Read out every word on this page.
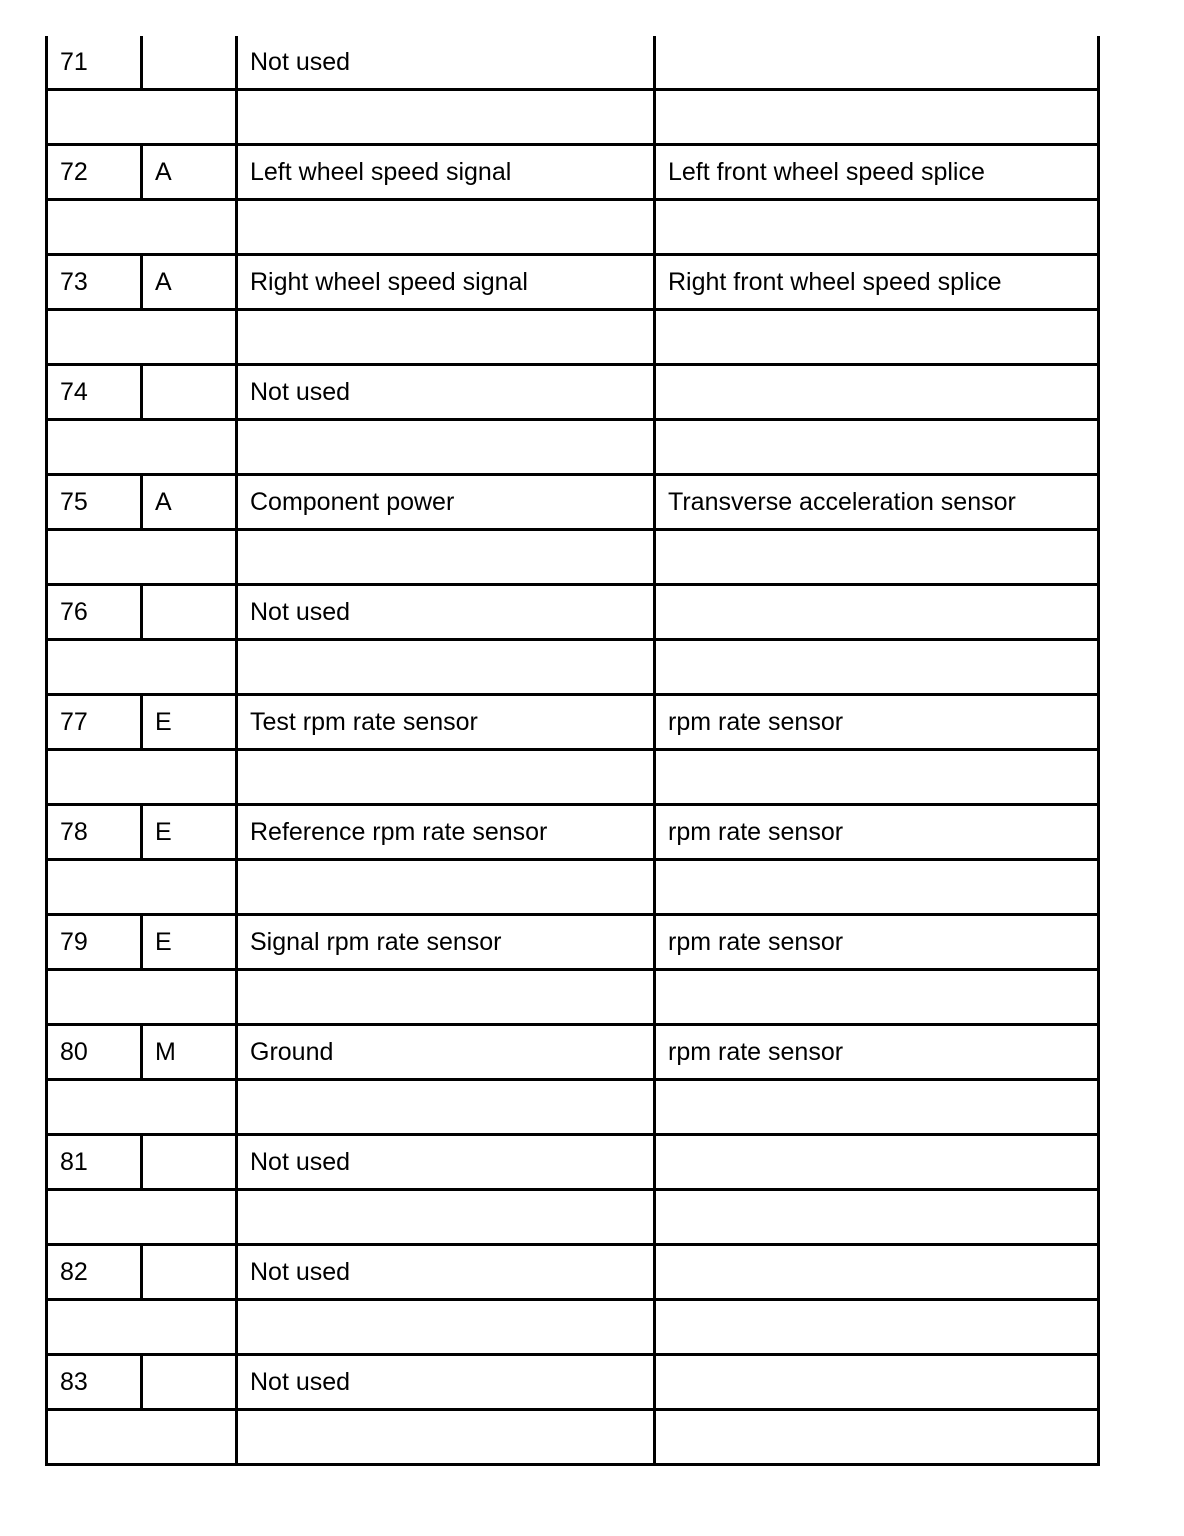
71		Not used	

72	A	Left wheel speed signal	Left front wheel speed splice

73	A	Right wheel speed signal	Right front wheel speed splice

74		Not used	

75	A	Component power	Transverse acceleration sensor

76		Not used	

77	E	Test rpm rate sensor	rpm rate sensor

78	E	Reference rpm rate sensor	rpm rate sensor

79	E	Signal rpm rate sensor	rpm rate sensor

80	M	Ground	rpm rate sensor

81		Not used	

82		Not used	

83		Not used	
